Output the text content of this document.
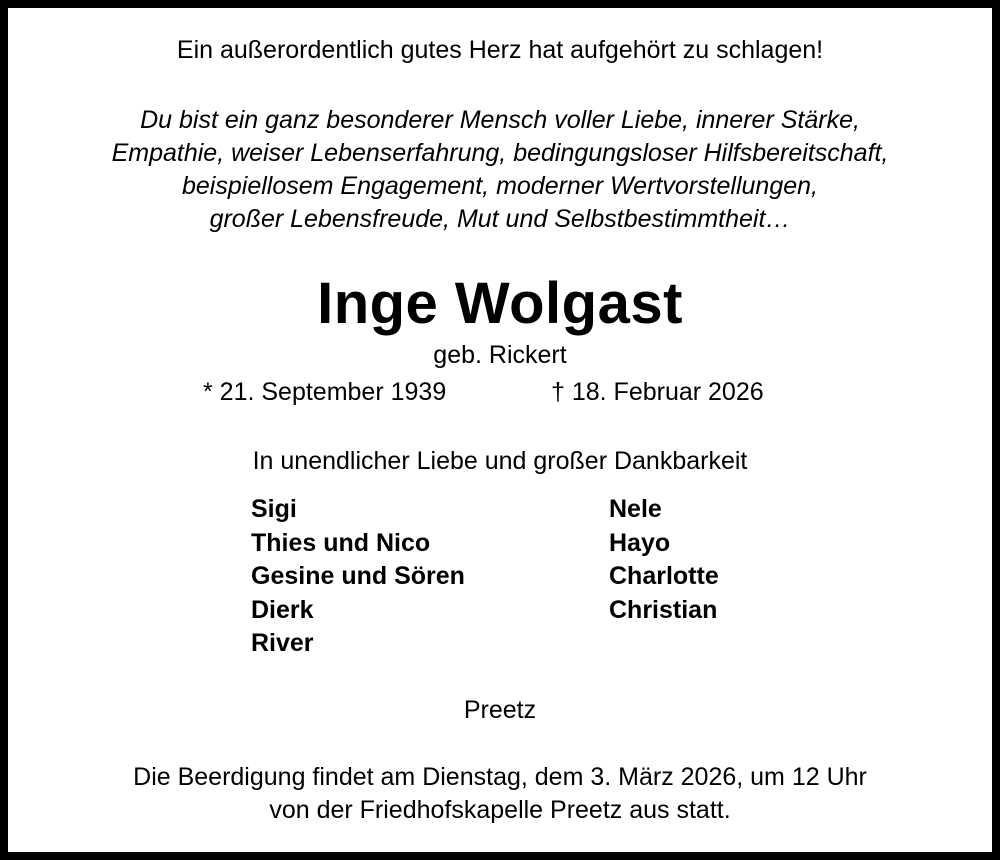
Ein außerordentlich gutes Herz hat aufgehört zu schlagen!
Du bist ein ganz besonderer Mensch voller Liebe, innerer Stärke,
Empathie, weiser Lebenserfahrung, bedingungsloser Hilfsbereitschaft,
beispiellosem Engagement, moderner Wertvorstellungen,
großer Lebensfreude, Mut und Selbstbestimmtheit…
Inge Wolgast
geb. Rickert
* 21. September 1939	† 18. Februar 2026
In unendlicher Liebe und großer Dankbarkeit
Sigi
Thies und Nico
Gesine und Sören
Dierk
River
Nele
Hayo
Charlotte
Christian
Preetz
Die Beerdigung findet am Dienstag, dem 3. März 2026, um 12 Uhr
von der Friedhofskapelle Preetz aus statt.
